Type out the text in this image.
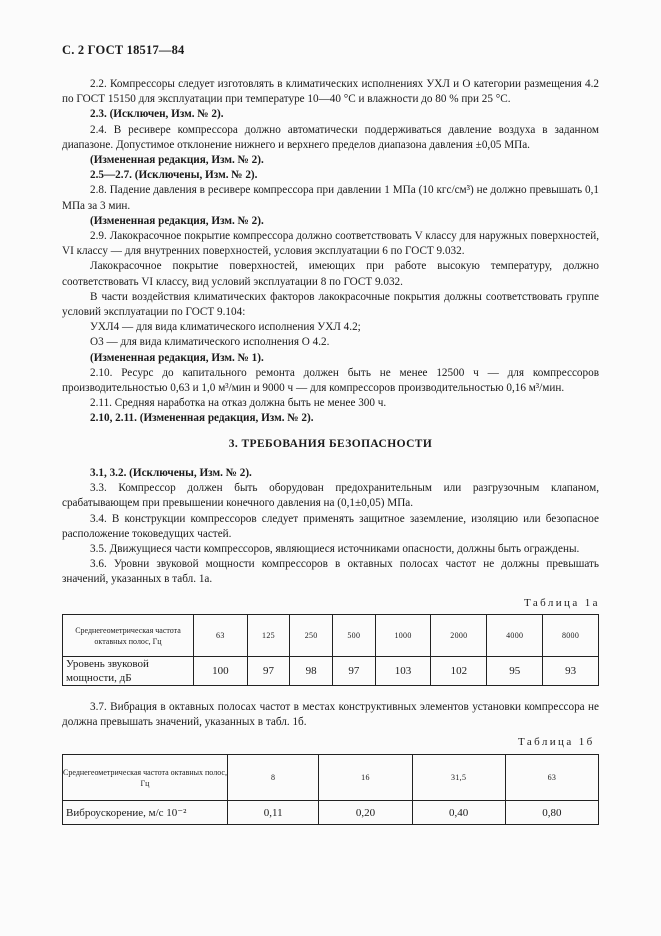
С. 2 ГОСТ 18517—84

2.2. Компрессоры следует изготовлять в климатических исполнениях УХЛ и О категории размещения 4.2 по ГОСТ 15150 для эксплуатации при температуре 10—40 °С и влажности до 80 % при 25 °С.

2.3. (Исключен, Изм. № 2).

2.4. В ресивере компрессора должно автоматически поддерживаться давление воздуха в заданном диапазоне. Допустимое отклонение нижнего и верхнего пределов диапазона давления ±0,05 МПа.

(Измененная редакция, Изм. № 2).

2.5—2.7. (Исключены, Изм. № 2).

2.8. Падение давления в ресивере компрессора при давлении 1 МПа (10 кгс/см³) не должно превышать 0,1 МПа за 3 мин.

(Измененная редакция, Изм. № 2).

2.9. Лакокрасочное покрытие компрессора должно соответствовать V классу для наружных поверхностей, VI классу — для внутренних поверхностей, условия эксплуатации 6 по ГОСТ 9.032.

Лакокрасочное покрытие поверхностей, имеющих при работе высокую температуру, должно соответствовать VI классу, вид условий эксплуатации 8 по ГОСТ 9.032.

В части воздействия климатических факторов лакокрасочные покрытия должны соответствовать группе условий эксплуатации по ГОСТ 9.104:

УХЛ4 — для вида климатического исполнения УХЛ 4.2;

O3 — для вида климатического исполнения О 4.2.

(Измененная редакция, Изм. № 1).

2.10. Ресурс до капитального ремонта должен быть не менее 12500 ч — для компрессоров производительностью 0,63 и 1,0 м³/мин и 9000 ч — для компрессоров производительностью 0,16 м³/мин.

2.11. Средняя наработка на отказ должна быть не менее 300 ч.

2.10, 2.11. (Измененная редакция, Изм. № 2).

3. ТРЕБОВАНИЯ БЕЗОПАСНОСТИ

3.1, 3.2. (Исключены, Изм. № 2).

3.3. Компрессор должен быть оборудован предохранительным или разгрузочным клапаном, срабатывающем при превышении конечного давления на (0,1±0,05) МПа.

3.4. В конструкции компрессоров следует применять защитное заземление, изоляцию или безопасное расположение токоведущих частей.

3.5. Движущиеся части компрессоров, являющиеся источниками опасности, должны быть ограждены.

3.6. Уровни звуковой мощности компрессоров в октавных полосах частот не должны превышать значений, указанных в табл. 1а.

Таблица 1а
Среднегеометрическая частота октавных полос, Гц	63	125	250	500	1000	2000	4000	8000
Уровень звуковой мощности, дБ	100	97	98	97	103	102	95	93

3.7. Вибрация в октавных полосах частот в местах конструктивных элементов установки компрессора не должна превышать значений, указанных в табл. 1б.

Таблица 1б
Среднегеометрическая частота октавных полос, Гц	8	16	31,5	63
Виброускорение, м/с 10⁻²	0,11	0,20	0,40	0,80
